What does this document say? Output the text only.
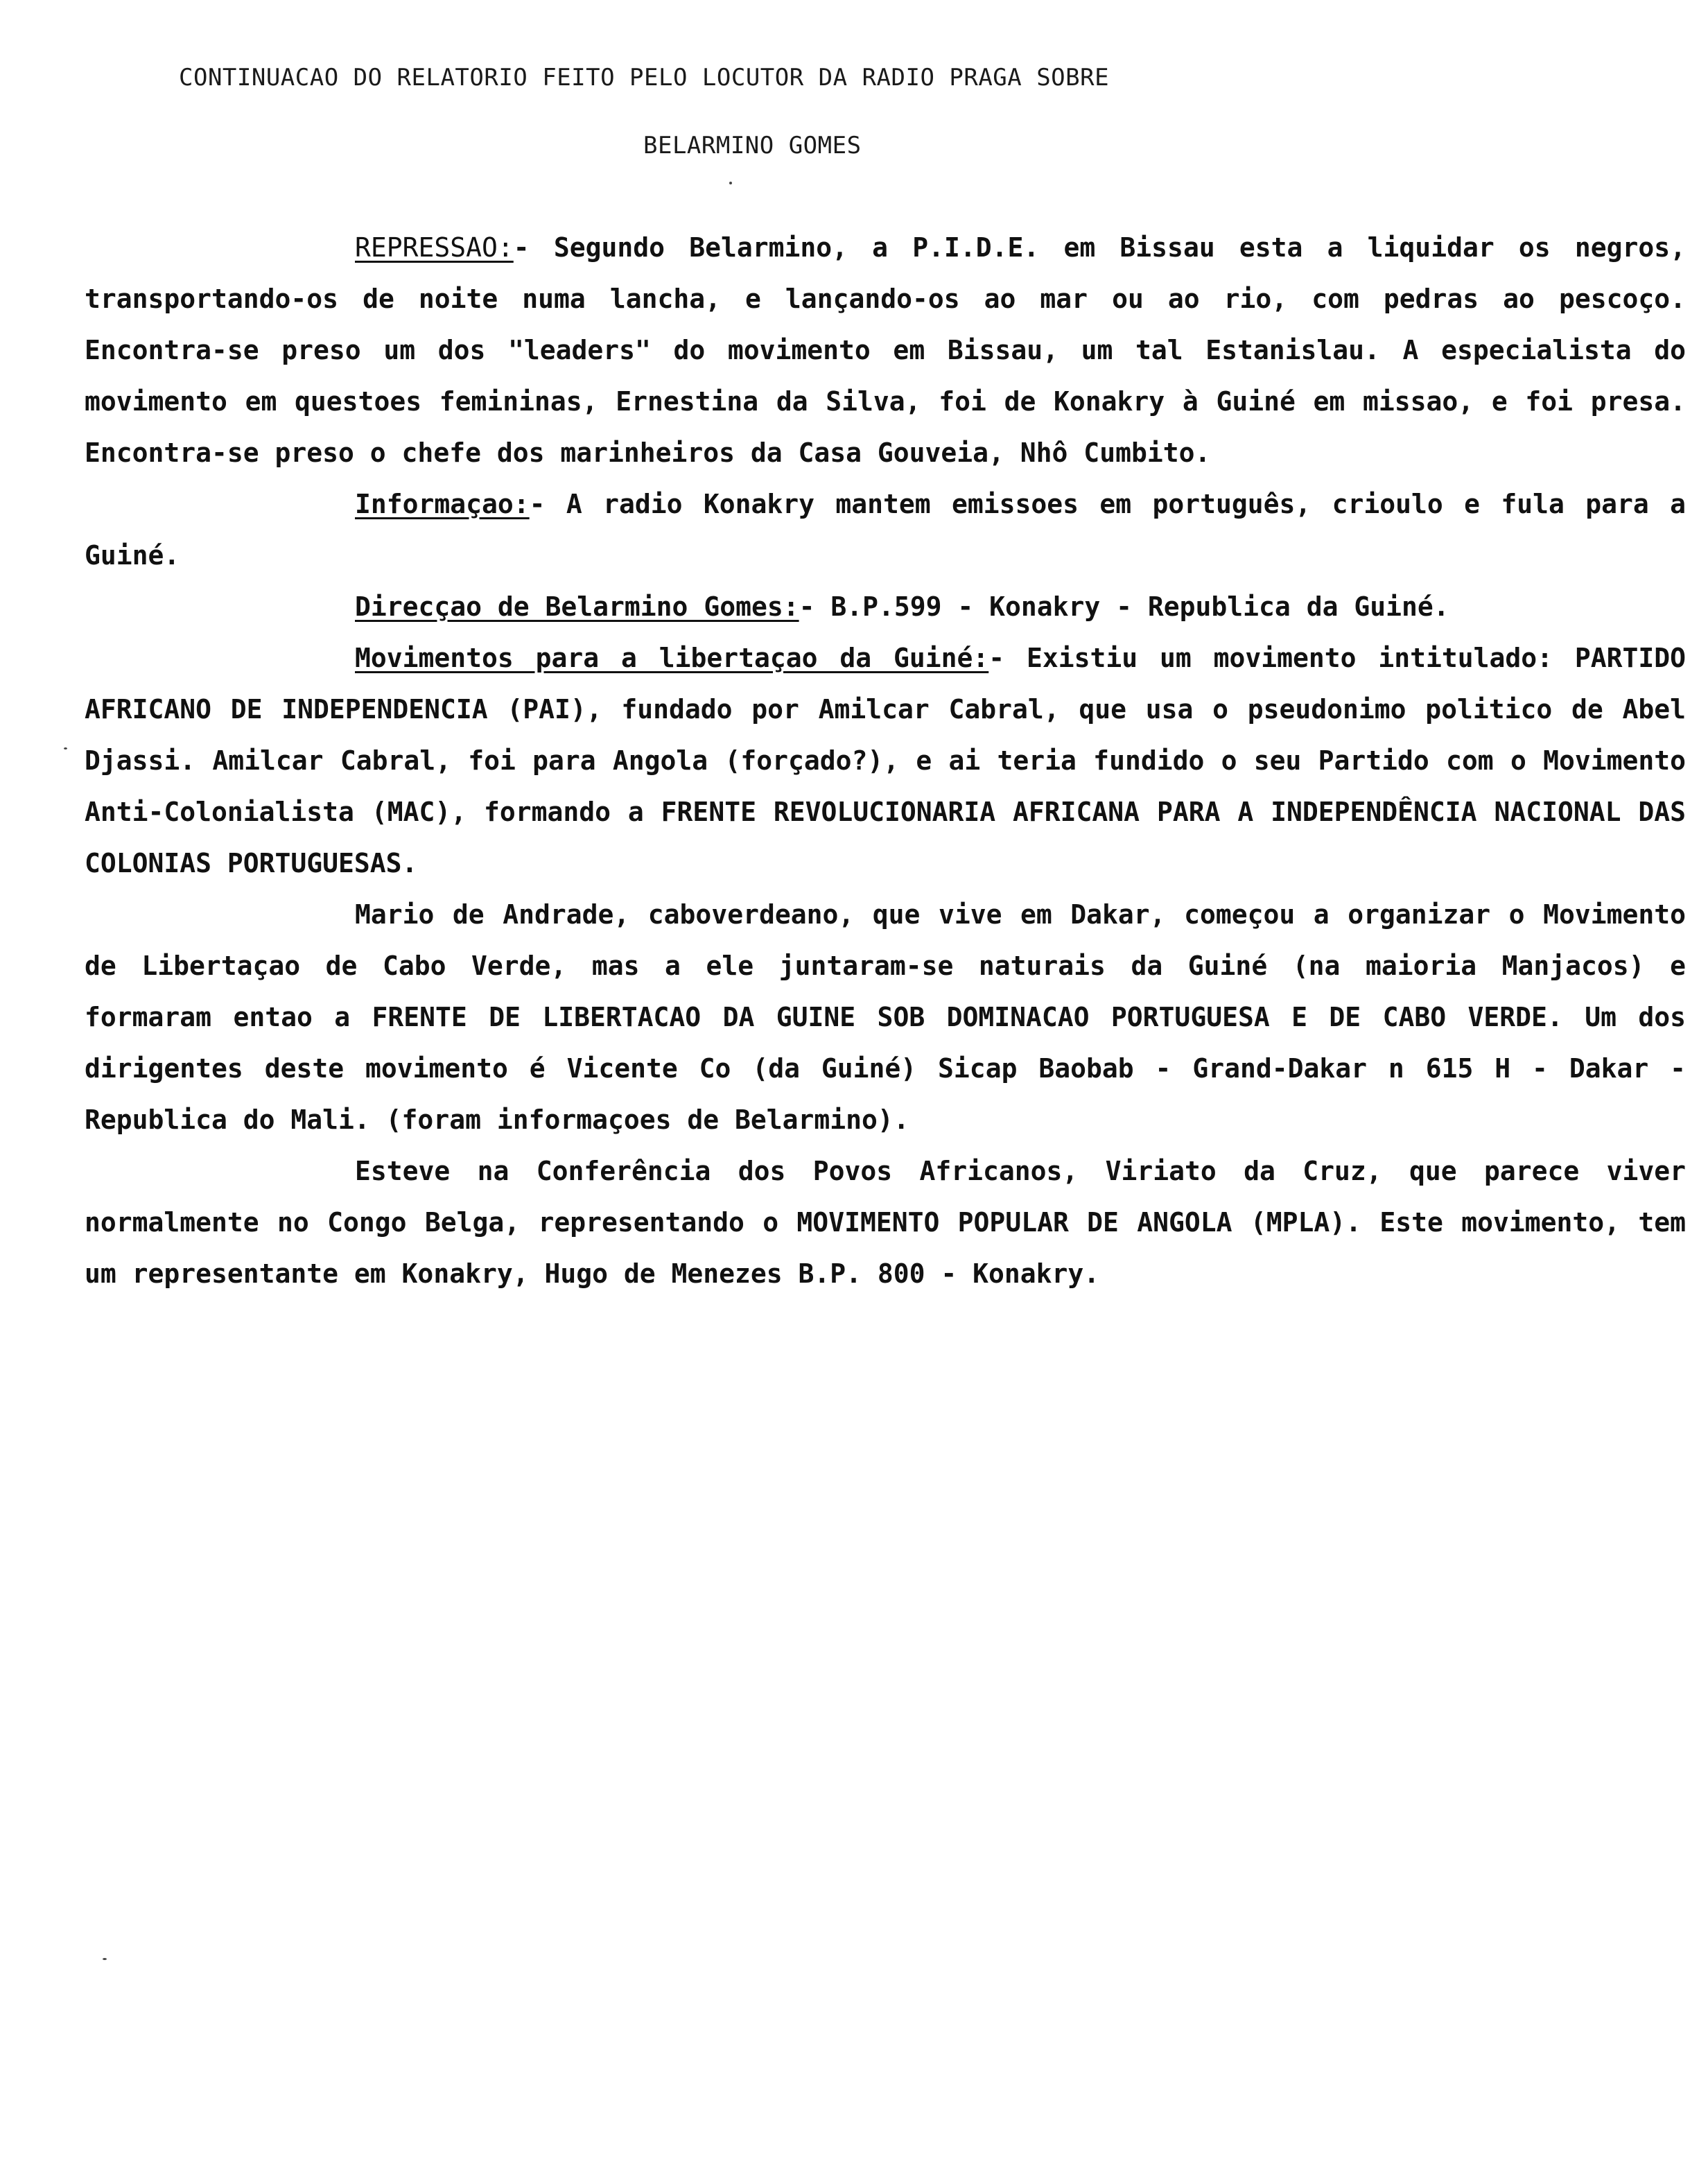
CONTINUACAO DO RELATORIO FEITO PELO LOCUTOR DA RADIO PRAGA SOBRE
BELARMINO GOMES

REPRESSAO:- Segundo Belarmino, a P.I.D.E. em Bissau esta a liquidar os negros, transportando-os de noite numa lancha, e lançando-os ao mar ou ao rio, com pedras ao pescoço. Encontra-se preso um dos "leaders" do movimento em Bissau, um tal Estanislau. A especialista do movimento em questoes femininas, Ernestina da Silva, foi de Konakry à Guiné em missao, e foi presa. Encontra-se preso o chefe dos marinheiros da Casa Gouveia, Nhô Cumbito.

Informaçao:- A radio Konakry mantem emissoes em português, crioulo e fula para a Guiné.

Direcçao de Belarmino Gomes:- B.P.599 - Konakry - Republica da Guiné.

Movimentos para a libertaçao da Guiné:- Existiu um movimento intitulado: PARTIDO AFRICANO DE INDEPENDENCIA (PAI), fundado por Amilcar Cabral, que usa o pseudonimo politico de Abel Djassi. Amilcar Cabral, foi para Angola (forçado?), e ai teria fundido o seu Partido com o Movimento Anti-Colonialista (MAC), formando a FRENTE REVOLUCIONARIA AFRICANA PARA A INDEPENDÊNCIA NACIONAL DAS COLONIAS PORTUGUESAS.

Mario de Andrade, caboverdeano, que vive em Dakar, começou a organizar o Movimento de Libertaçao de Cabo Verde, mas a ele juntaram-se naturais da Guiné (na maioria Manjacos) e formaram entao a FRENTE DE LIBERTACAO DA GUINE SOB DOMINACAO PORTUGUESA E DE CABO VERDE. Um dos dirigentes deste movimento é Vicente Co (da Guiné) Sicap Baobab - Grand-Dakar n 615 H - Dakar - Republica do Mali. (foram informaçoes de Belarmino).

Esteve na Conferência dos Povos Africanos, Viriato da Cruz, que parece viver normalmente no Congo Belga, representando o MOVIMENTO POPULAR DE ANGOLA (MPLA). Este movimento, tem um representante em Konakry, Hugo de Menezes B.P. 800 - Konakry.
